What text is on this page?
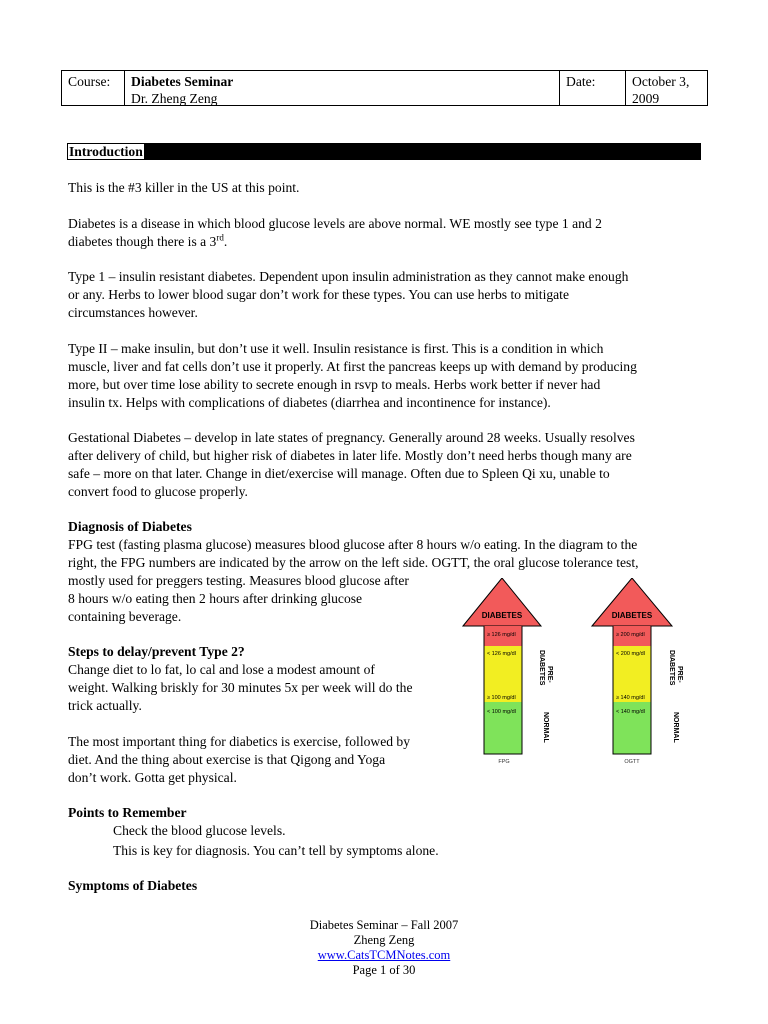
Course:	Diabetes Seminar
Dr. Zheng Zeng
Date:	October 3, 2009
Introduction

This is the #3 killer in the US at this point.

Diabetes is a disease in which blood glucose levels are above normal. WE mostly see type 1 and 2

diabetes though there is a 3rd.

Type 1 – insulin resistant diabetes. Dependent upon insulin administration as they cannot make enough

or any. Herbs to lower blood sugar don’t work for these types. You can use herbs to mitigate

circumstances however.

Type II – make insulin, but don’t use it well. Insulin resistance is first. This is a condition in which

muscle, liver and fat cells don’t use it properly. At first the pancreas keeps up with demand by producing

more, but over time lose ability to secrete enough in rsvp to meals. Herbs work better if never had

insulin tx. Helps with complications of diabetes (diarrhea and incontinence for instance).

Gestational Diabetes – develop in late states of pregnancy. Generally around 28 weeks. Usually resolves

after delivery of child, but higher risk of diabetes in later life. Mostly don’t need herbs though many are

safe – more on that later. Change in diet/exercise will manage. Often due to Spleen Qi xu, unable to

convert food to glucose properly.

Diagnosis of Diabetes

FPG test (fasting plasma glucose) measures blood glucose after 8 hours w/o eating. In the diagram to the

right, the FPG numbers are indicated by the arrow on the left side. OGTT, the oral glucose tolerance test,

mostly used for preggers testing. Measures blood glucose after

8 hours w/o eating then 2 hours after drinking glucose

containing beverage.

Steps to delay/prevent Type 2?

Change diet to lo fat, lo cal and lose a modest amount of

weight. Walking briskly for 30 minutes 5x per week will do the

trick actually.

The most important thing for diabetics is exercise, followed by

diet. And the thing about exercise is that Qigong and Yoga

don’t work. Gotta get physical.

Points to Remember

Check the blood glucose levels.

This is key for diagnosis. You can’t tell by symptoms alone.

Symptoms of Diabetes

DIABETES
≥ 126 mg/dl
< 126 mg/dl
≥ 100 mg/dl
< 100 mg/dl
FPG
PRE-
DIABETES
NORMAL
DIABETES
≥ 200 mg/dl
< 200 mg/dl
≥ 140 mg/dl
< 140 mg/dl
OGTT
PRE-
DIABETES
NORMAL
Diabetes Seminar – Fall 2007
Zheng Zeng
www.CatsTCMNotes.com
Page 1 of 30
